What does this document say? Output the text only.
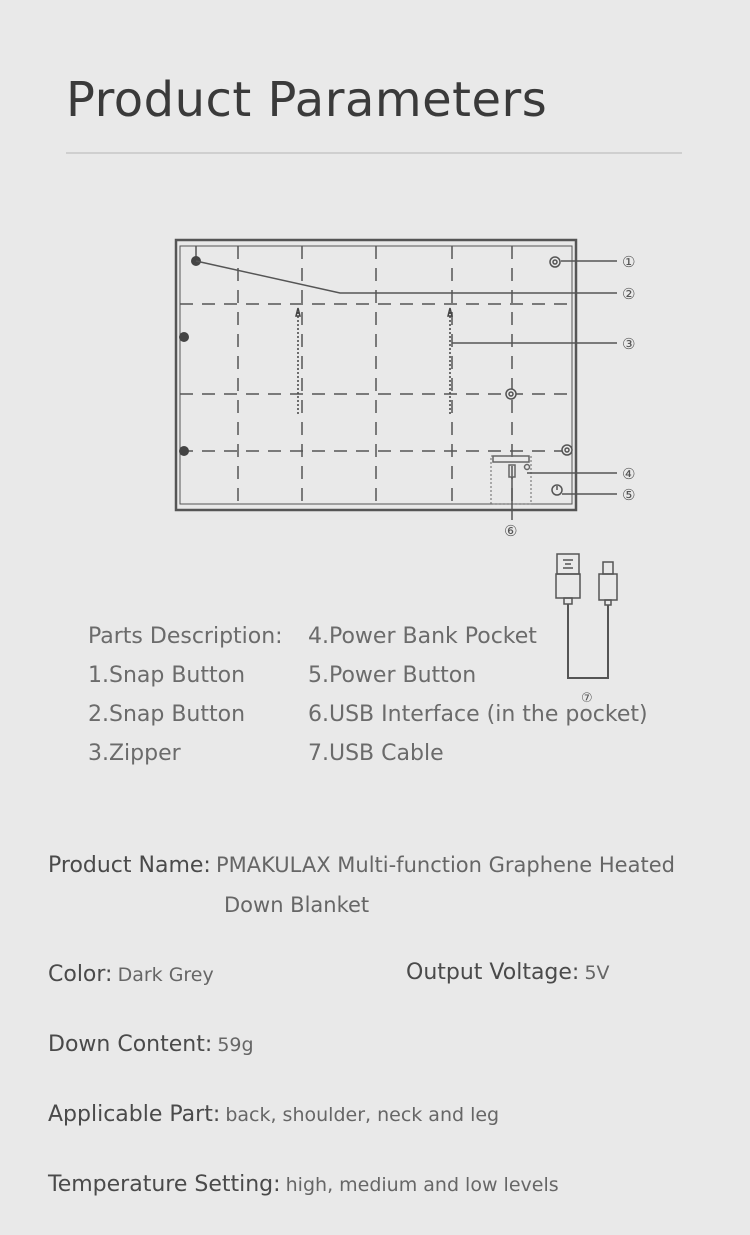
Product Parameters
①
②
③
④
⑤
⑥
⑦
Parts Description:
1.Snap Button
2.Snap Button
3.Zipper
4.Power Bank Pocket
5.Power Button
6.USB Interface (in the pocket)
7.USB Cable
Product Name: PMAKULAX Multi-function Graphene Heated
Down Blanket
Color: Dark Grey	Output Voltage: 5V
Down Content: 59g
Applicable Part: back, shoulder, neck and leg
Temperature Setting: high, medium and low levels
